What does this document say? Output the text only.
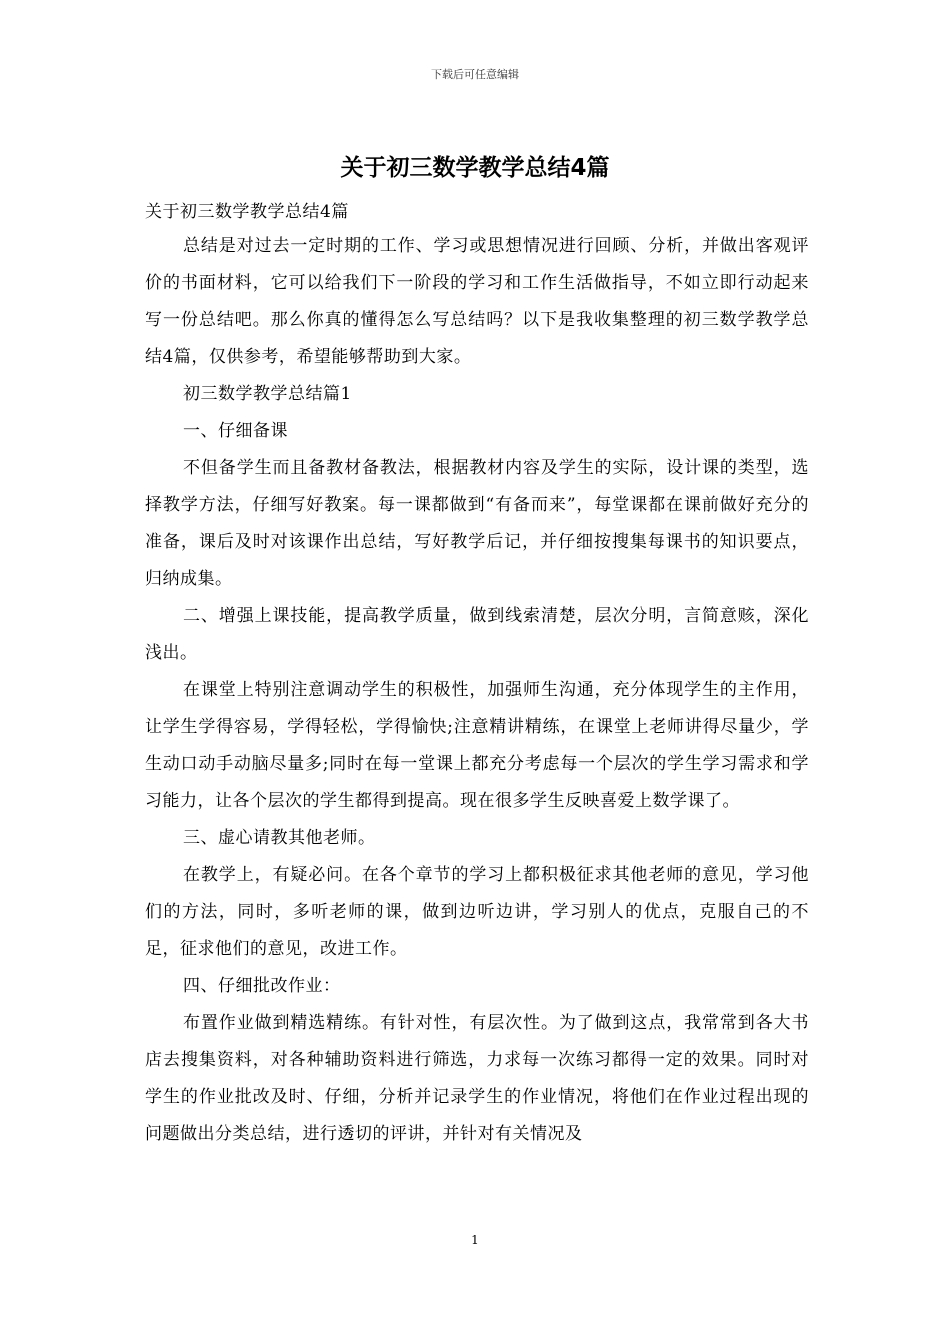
下载后可任意编辑
关于初三数学教学总结4篇

关于初三数学教学总结4篇

总结是对过去一定时期的工作、学习或思想情况进行回顾、分析，并做出客观评价的书面材料，它可以给我们下一阶段的学习和工作生活做指导，不如立即行动起来写一份总结吧。那么你真的懂得怎么写总结吗？以下是我收集整理的初三数学教学总结4篇，仅供参考，希望能够帮助到大家。

初三数学教学总结篇1

一、仔细备课

不但备学生而且备教材备教法，根据教材内容及学生的实际，设计课的类型，选择教学方法，仔细写好教案。每一课都做到“有备而来”，每堂课都在课前做好充分的准备，课后及时对该课作出总结，写好教学后记，并仔细按搜集每课书的知识要点，归纳成集。

二、增强上课技能，提高教学质量，做到线索清楚，层次分明，言简意赅，深化浅出。

在课堂上特别注意调动学生的积极性，加强师生沟通，充分体现学生的主作用，让学生学得容易，学得轻松，学得愉快;注意精讲精练，在课堂上老师讲得尽量少，学生动口动手动脑尽量多;同时在每一堂课上都充分考虑每一个层次的学生学习需求和学习能力，让各个层次的学生都得到提高。现在很多学生反映喜爱上数学课了。

三、虚心请教其他老师。

在教学上，有疑必问。在各个章节的学习上都积极征求其他老师的意见，学习他们的方法，同时，多听老师的课，做到边听边讲，学习别人的优点，克服自己的不足，征求他们的意见，改进工作。

四、仔细批改作业：

布置作业做到精选精练。有针对性，有层次性。为了做到这点，我常常到各大书店去搜集资料，对各种辅助资料进行筛选，力求每一次练习都得一定的效果。同时对学生的作业批改及时、仔细，分析并记录学生的作业情况，将他们在作业过程出现的问题做出分类总结，进行透切的评讲，并针对有关情况及

1
